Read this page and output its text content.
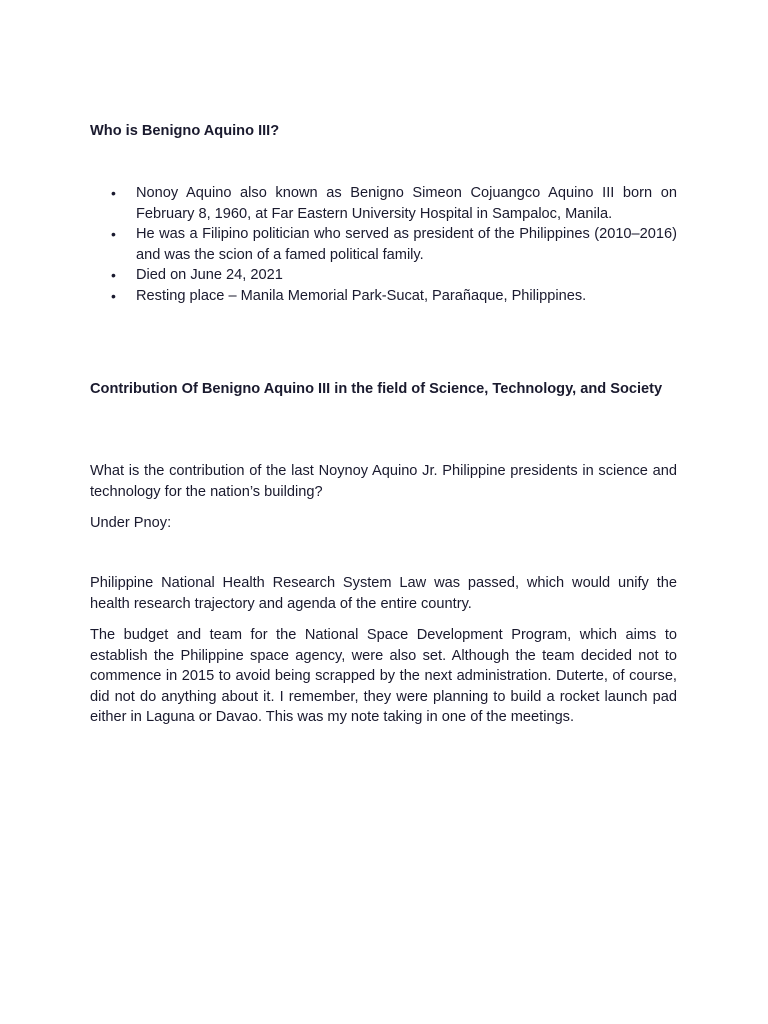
Who is Benigno Aquino III?

• Nonoy Aquino also known as Benigno Simeon Cojuangco Aquino III born on February 8, 1960, at Far Eastern University Hospital in Sampaloc, Manila.
• He was a Filipino politician who served as president of the Philippines (2010–2016) and was the scion of a famed political family.
• Died on June 24, 2021
• Resting place – Manila Memorial Park-Sucat, Parañaque, Philippines.

Contribution Of Benigno Aquino III in the field of Science, Technology, and Society

What is the contribution of the last Noynoy Aquino Jr. Philippine presidents in science and technology for the nation’s building?

Under Pnoy:

Philippine National Health Research System Law was passed, which would unify the health research trajectory and agenda of the entire country.

The budget and team for the National Space Development Program, which aims to establish the Philippine space agency, were also set. Although the team decided not to commence in 2015 to avoid being scrapped by the next administration. Duterte, of course, did not do anything about it. I remember, they were planning to build a rocket launch pad either in Laguna or Davao. This was my note taking in one of the meetings.
